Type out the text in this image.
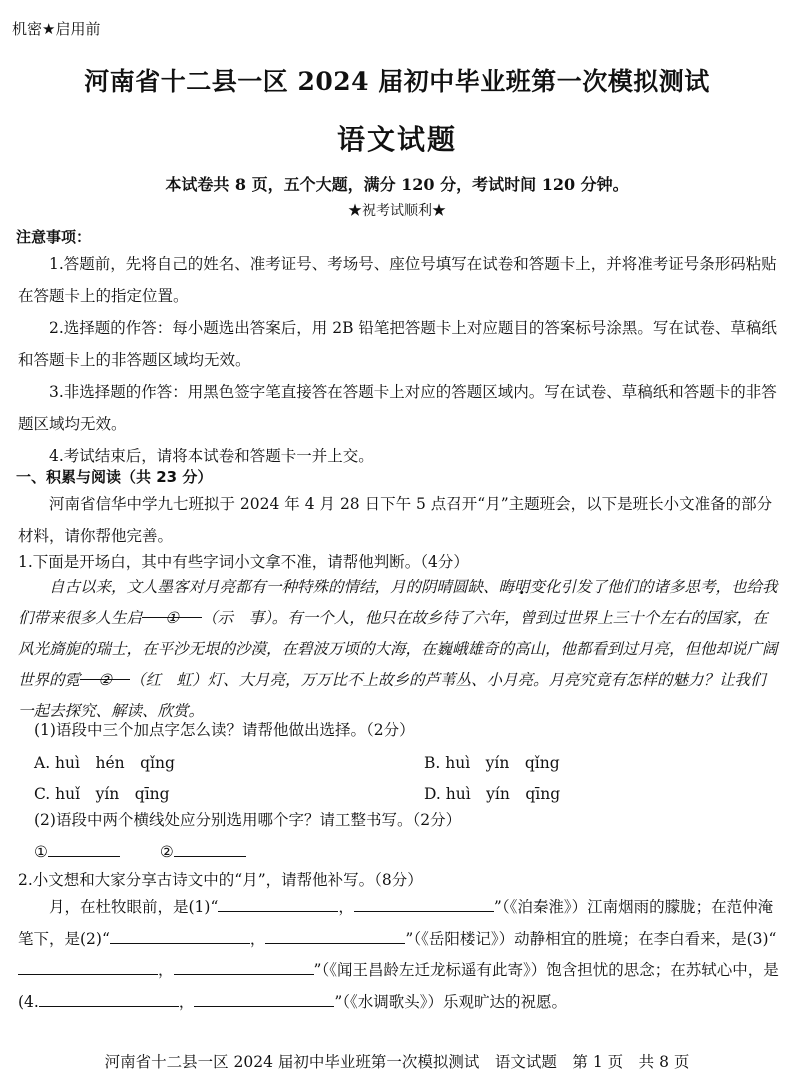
机密★启用前
河南省十二县一区 2024 届初中毕业班第一次模拟测试
语文试题
本试卷共 8 页，五个大题，满分 120 分，考试时间 120 分钟。
★祝考试顺利★
注意事项：

1.答题前，先将自己的姓名、准考证号、考场号、座位号填写在试卷和答题卡上，并将准考证号条形码粘贴在答题卡上的指定位置。

2.选择题的作答：每小题选出答案后，用 2B 铅笔把答题卡上对应题目的答案标号涂黑。写在试卷、草稿纸和答题卡上的非答题区域均无效。

3.非选择题的作答：用黑色签字笔直接答在答题卡上对应的答题区域内。写在试卷、草稿纸和答题卡的非答题区域均无效。

4.考试结束后，请将本试卷和答题卡一并上交。

一、积累与阅读（共 23 分）

河南省信华中学九七班拟于 2024 年 4 月 28 日下午 5 点召开“月”主题班会，以下是班长小文准备的部分材料，请你帮他完善。

1.下面是开场白，其中有些字词小文拿不准，请帮他判断。（4分）

自古以来，文人墨客对月亮都有一种特殊的情结，月的阴晴圆缺、晦明变化引发了他们的诸多思考，也给我们带来很多人生启 ① （示　事）。有一个人，他只在故乡待了六年，曾到过世界上三十个左右的国家，在风光旖旎的瑞士，在平沙无垠的沙漠，在碧波万顷的大海，在巍峨雄奇的高山，他都看到过月亮，但他却说广阔世界的霓 ② （红　虹）灯、大月亮，万万比不上故乡的芦苇丛、小月亮。月亮究竟有怎样的魅力？让我们一起去探究、解读、欣赏。

(1)语段中三个加点字怎么读？请帮他做出选择。（2分）

A. huì　hén　qǐng	B. huì　yín　qǐng
C. huǐ　yín　qīng	D. huì　yín　qīng

(2)语段中两个横线处应分别选用哪个字？请工整书写。（2分）

①	②

2.小文想和大家分享古诗文中的“月”，请帮他补写。（8分）

月，在杜牧眼前，是(1)“	，	”（《泊秦淮》）江南烟雨的朦胧；在范仲淹笔下，是(2)“	，	”（《岳阳楼记》）动静相宜的胜境；在李白看来，是(3)“，	”（《闻王昌龄左迁龙标遥有此寄》）饱含担忧的思念；在苏轼心中，是(4.	，	”（《水调歌头》）乐观旷达的祝愿。

河南省十二县一区 2024 届初中毕业班第一次模拟测试　语文试题　第 1 页　共 8 页
